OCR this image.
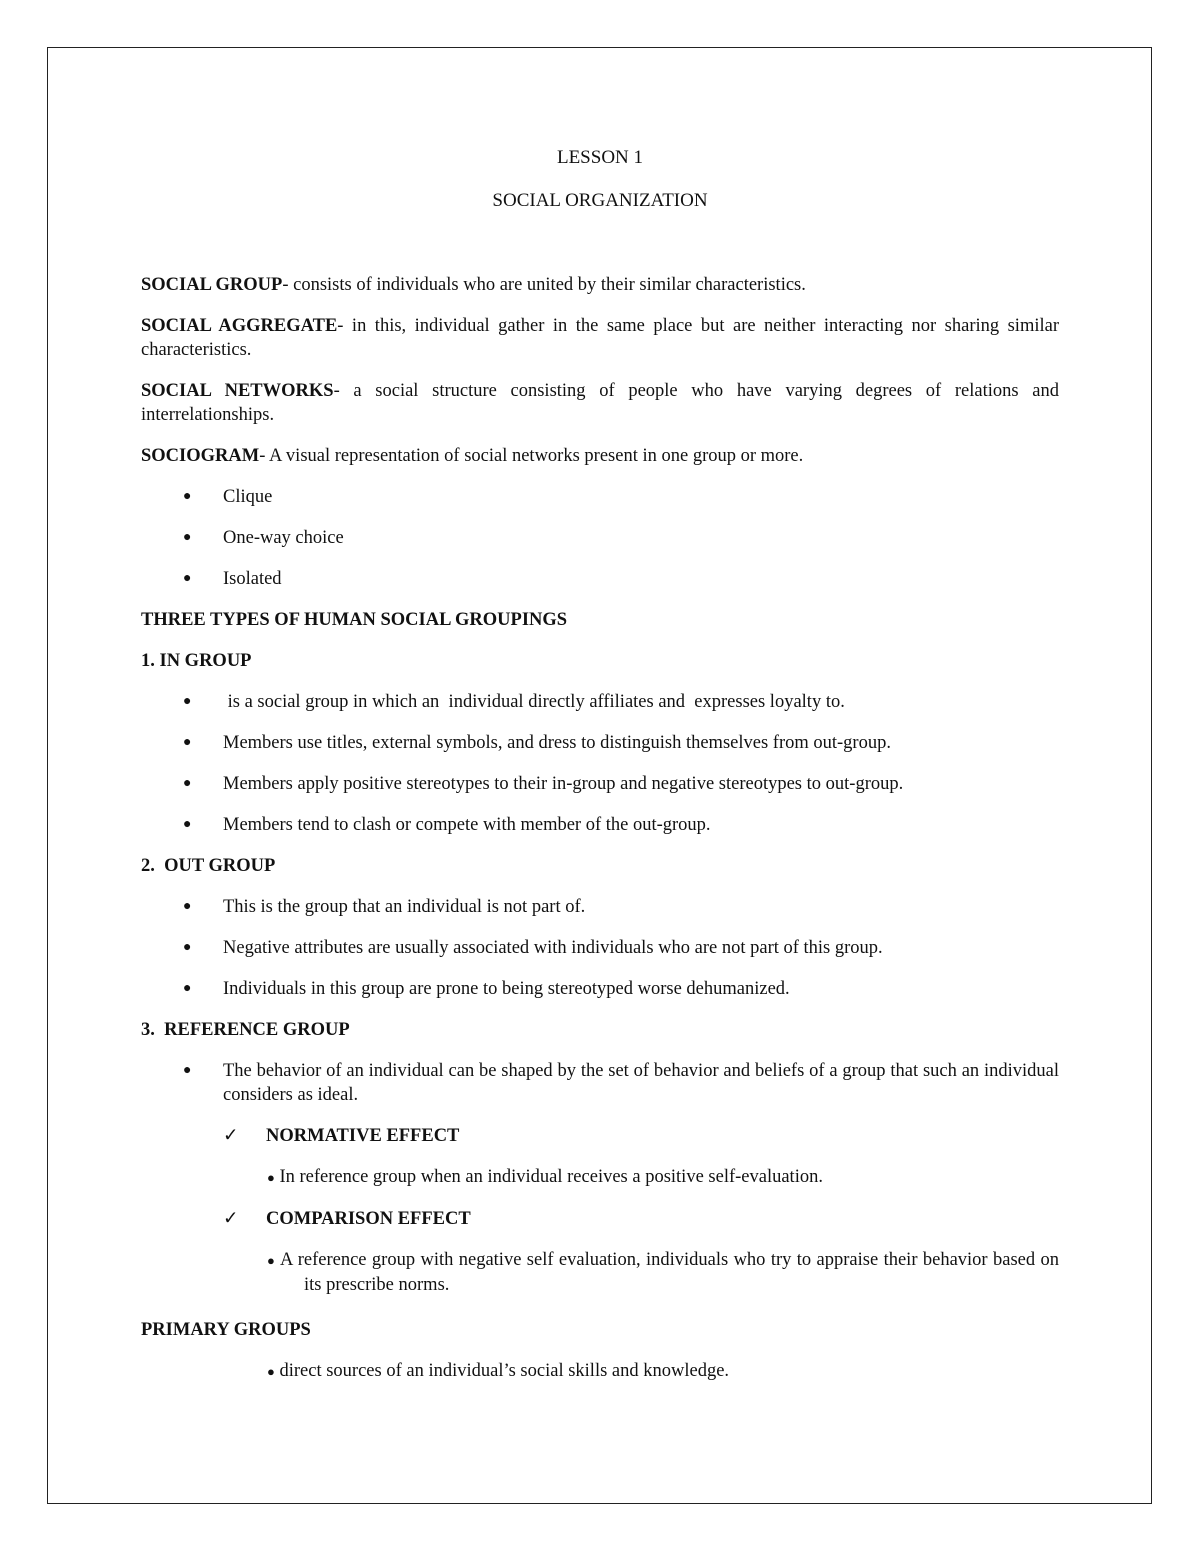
LESSON 1

SOCIAL ORGANIZATION

SOCIAL GROUP- consists of individuals who are united by their similar characteristics.

SOCIAL AGGREGATE- in this, individual gather in the same place but are neither interacting nor sharing similar characteristics.

SOCIAL NETWORKS- a social structure consisting of people who have varying degrees of relations and interrelationships.

SOCIOGRAM- A visual representation of social networks present in one group or more.

● Clique
● One-way choice
● Isolated

THREE TYPES OF HUMAN SOCIAL GROUPINGS

1. IN GROUP

● is a social group in which an  individual directly affiliates and  expresses loyalty to.
● Members use titles, external symbols, and dress to distinguish themselves from out-group.
● Members apply positive stereotypes to their in-group and negative stereotypes to out-group.
● Members tend to clash or compete with member of the out-group.

2.  OUT GROUP

● This is the group that an individual is not part of.
● Negative attributes are usually associated with individuals who are not part of this group.
● Individuals in this group are prone to being stereotyped worse dehumanized.

3.  REFERENCE GROUP

● The behavior of an individual can be shaped by the set of behavior and beliefs of a group that such an individual considers as ideal.

✓ NORMATIVE EFFECT

● In reference group when an individual receives a positive self-evaluation.

✓ COMPARISON EFFECT

● A reference group with negative self evaluation, individuals who try to appraise their behavior based on its prescribe norms.

PRIMARY GROUPS

● direct sources of an individual’s social skills and knowledge.
